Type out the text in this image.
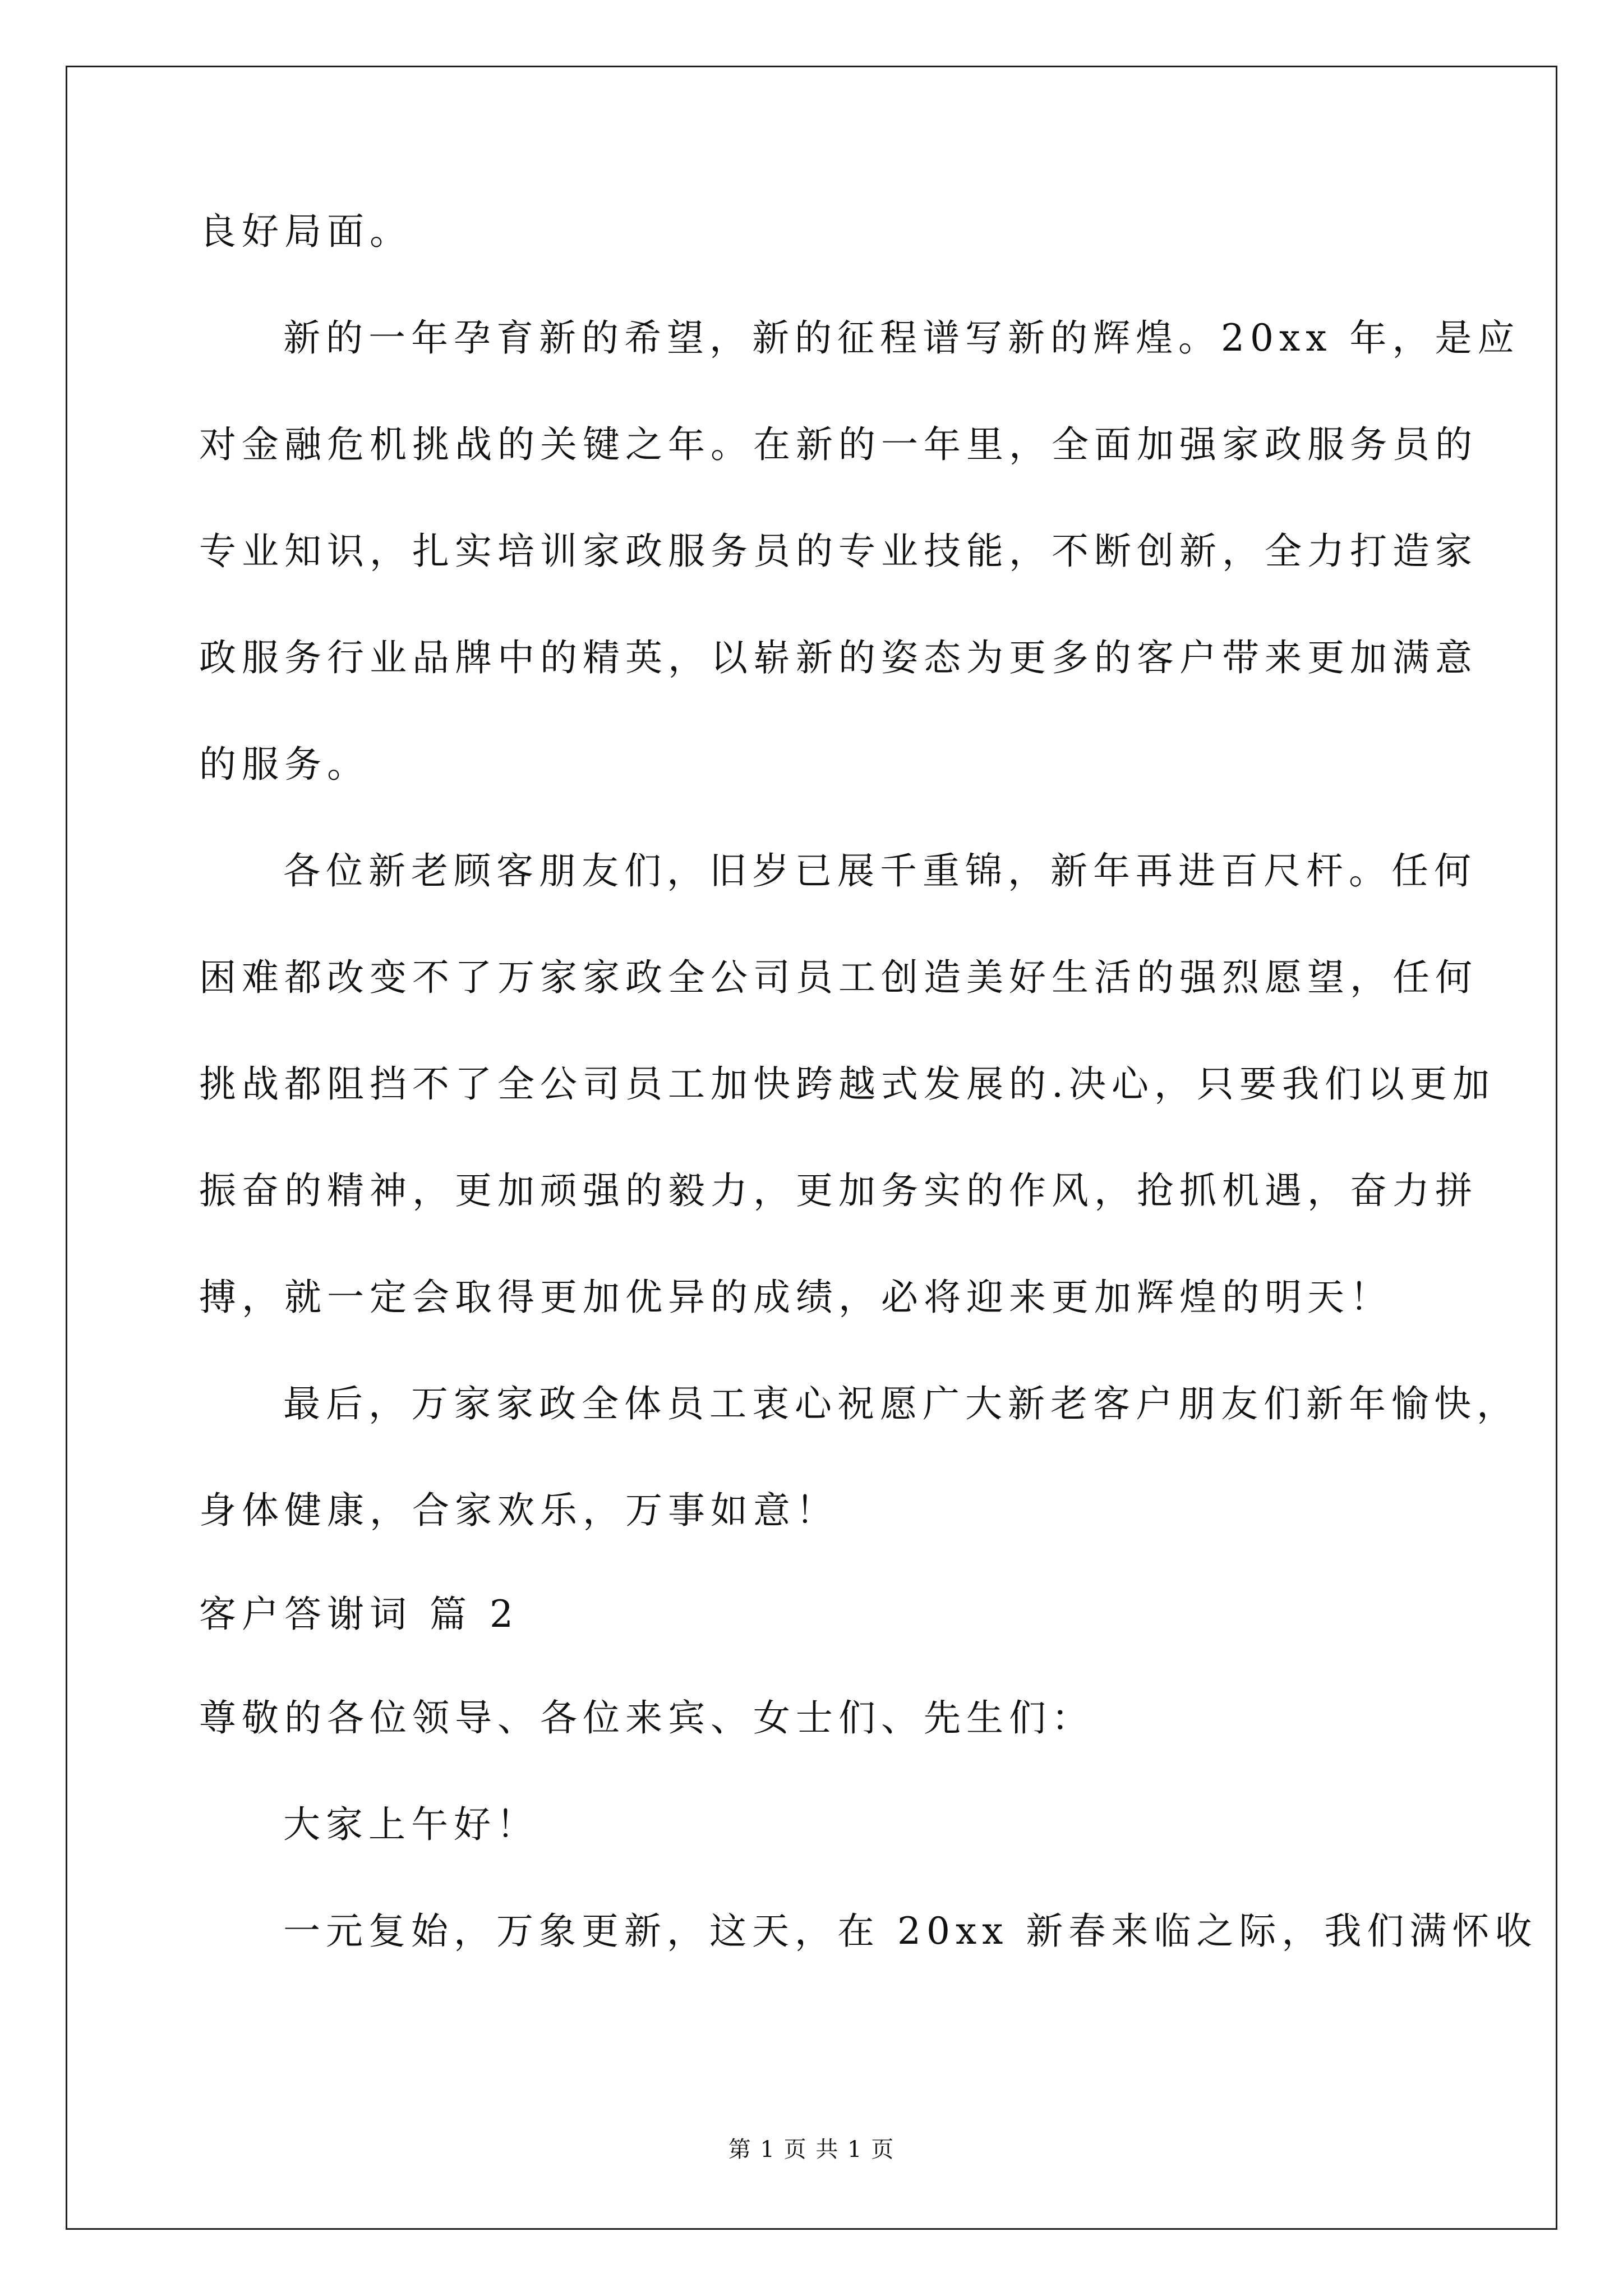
良好局面。
新的一年孕育新的希望，新的征程谱写新的辉煌。20xx 年，是应
对金融危机挑战的关键之年。在新的一年里，全面加强家政服务员的
专业知识，扎实培训家政服务员的专业技能，不断创新，全力打造家
政服务行业品牌中的精英，以崭新的姿态为更多的客户带来更加满意
的服务。
各位新老顾客朋友们，旧岁已展千重锦，新年再进百尺杆。任何
困难都改变不了万家家政全公司员工创造美好生活的强烈愿望，任何
挑战都阻挡不了全公司员工加快跨越式发展的.决心，只要我们以更加
振奋的精神，更加顽强的毅力，更加务实的作风，抢抓机遇，奋力拼
搏，就一定会取得更加优异的成绩，必将迎来更加辉煌的明天！
最后，万家家政全体员工衷心祝愿广大新老客户朋友们新年愉快，
身体健康，合家欢乐，万事如意！
客户答谢词 篇 2
尊敬的各位领导、各位来宾、女士们、先生们：
大家上午好！
一元复始，万象更新，这天，在 20xx 新春来临之际，我们满怀收
第 1 页 共 1 页
